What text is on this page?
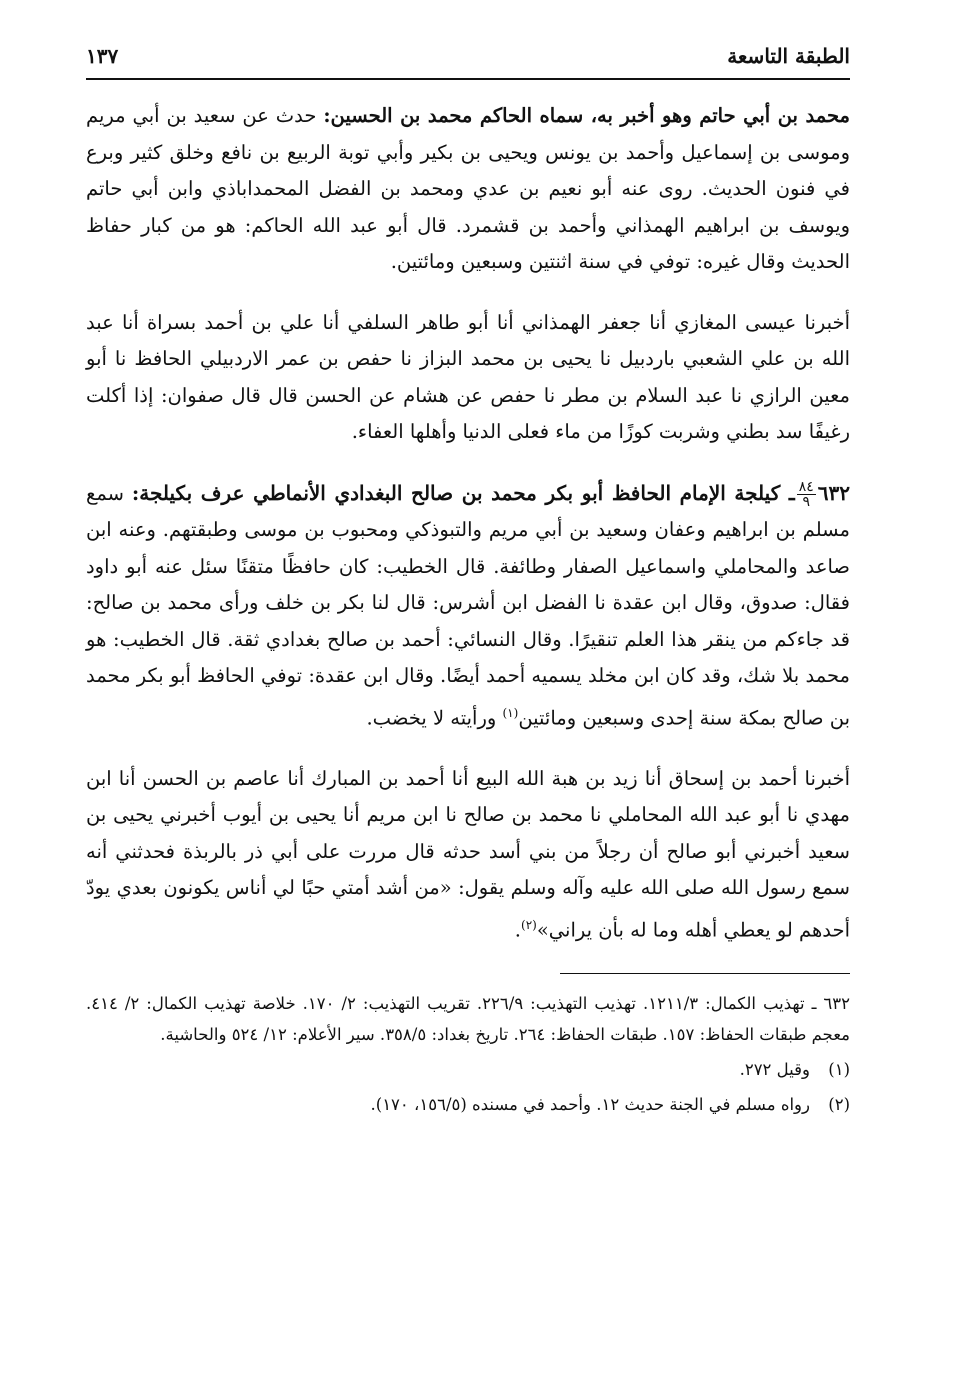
الطبقة التاسعة
١٣٧

محمد بن أبي حاتم وهو أخبر به، سماه الحاكم محمد بن الحسين: حدث عن سعيد بن أبي مريم وموسى بن إسماعيل وأحمد بن يونس ويحيى بن بكير وأبي توبة الربيع بن نافع وخلق كثير وبرع في فنون الحديث. روى عنه أبو نعيم بن عدي ومحمد بن الفضل المحمداباذي وابن أبي حاتم ويوسف بن ابراهيم الهمذاني وأحمد بن قشمرد. قال أبو عبد الله الحاكم: هو من كبار حفاظ الحديث وقال غيره: توفي في سنة اثنتين وسبعين ومائتين.

أخبرنا عيسى المغازي أنا جعفر الهمذاني أنا أبو طاهر السلفي أنا علي بن أحمد بسراة أنا عبد الله بن علي الشعبي باردبيل نا يحيى بن محمد البزاز نا حفص بن عمر الاردبيلي الحافظ نا أبو معين الرازي نا عبد السلام بن مطر نا حفص عن هشام عن الحسن قال قال صفوان: إذا أكلت رغيفًا سد بطني وشربت كوزًا من ماء فعلى الدنيا وأهلها العفاء.

٦٣٢
$\frac{٨٤}{٩}$
ـ كيلجة الإمام الحافظ أبو بكر محمد بن صالح البغدادي الأنماطي عرف بكيلجة: سمع مسلم بن ابراهيم وعفان وسعيد بن أبي مريم والتبوذكي ومحبوب بن موسى وطبقتهم. وعنه ابن صاعد والمحاملي واسماعيل الصفار وطائفة. قال الخطيب: كان حافظًا متقنًا سئل عنه أبو داود فقال: صدوق، وقال ابن عقدة نا الفضل ابن أشرس: قال لنا بكر بن خلف ورأى محمد بن صالح: قد جاءكم من ينقر هذا العلم تنقيرًا. وقال النسائي: أحمد بن صالح بغدادي ثقة. قال الخطيب: هو محمد بلا شك، وقد كان ابن مخلد يسميه أحمد أيضًا. وقال ابن عقدة: توفي الحافظ أبو بكر محمد بن صالح بمكة سنة إحدى وسبعين ومائتين$^{(١)}$ ورأيته لا يخضب.

أخبرنا أحمد بن إسحاق أنا زيد بن هبة الله البيع أنا أحمد بن المبارك أنا عاصم بن الحسن أنا ابن مهدي نا أبو عبد الله المحاملي نا محمد بن صالح نا ابن مريم أنا يحيى بن أيوب أخبرني يحيى بن سعيد أخبرني أبو صالح أن رجلاً من بني أسد حدثه قال مررت على أبي ذر بالربذة فحدثني أنه سمع رسول الله صلى الله عليه وآله وسلم يقول: «من أشد أمتي حبًا لي أناس يكونون بعدي يودّ أحدهم لو يعطي أهله وما له بأن يراني»$^{(٢)}$.

٦٣٢ ـ تهذيب الكمال: ١٢١١/٣. تهذيب التهذيب: ٢٢٦/٩. تقريب التهذيب: ٢/ ١٧٠. خلاصة تهذيب الكمال: ٢/ ٤١٤. معجم طبقات الحفاظ: ١٥٧. طبقات الحفاظ: ٢٦٤. تاريخ بغداد: ٣٥٨/٥. سير الأعلام: ١٢/ ٥٢٤ والحاشية.

(١)وقيل ٢٧٢.

(٢)رواه مسلم في الجنة حديث ١٢. وأحمد في مسنده (١٥٦/٥، ١٧٠).
